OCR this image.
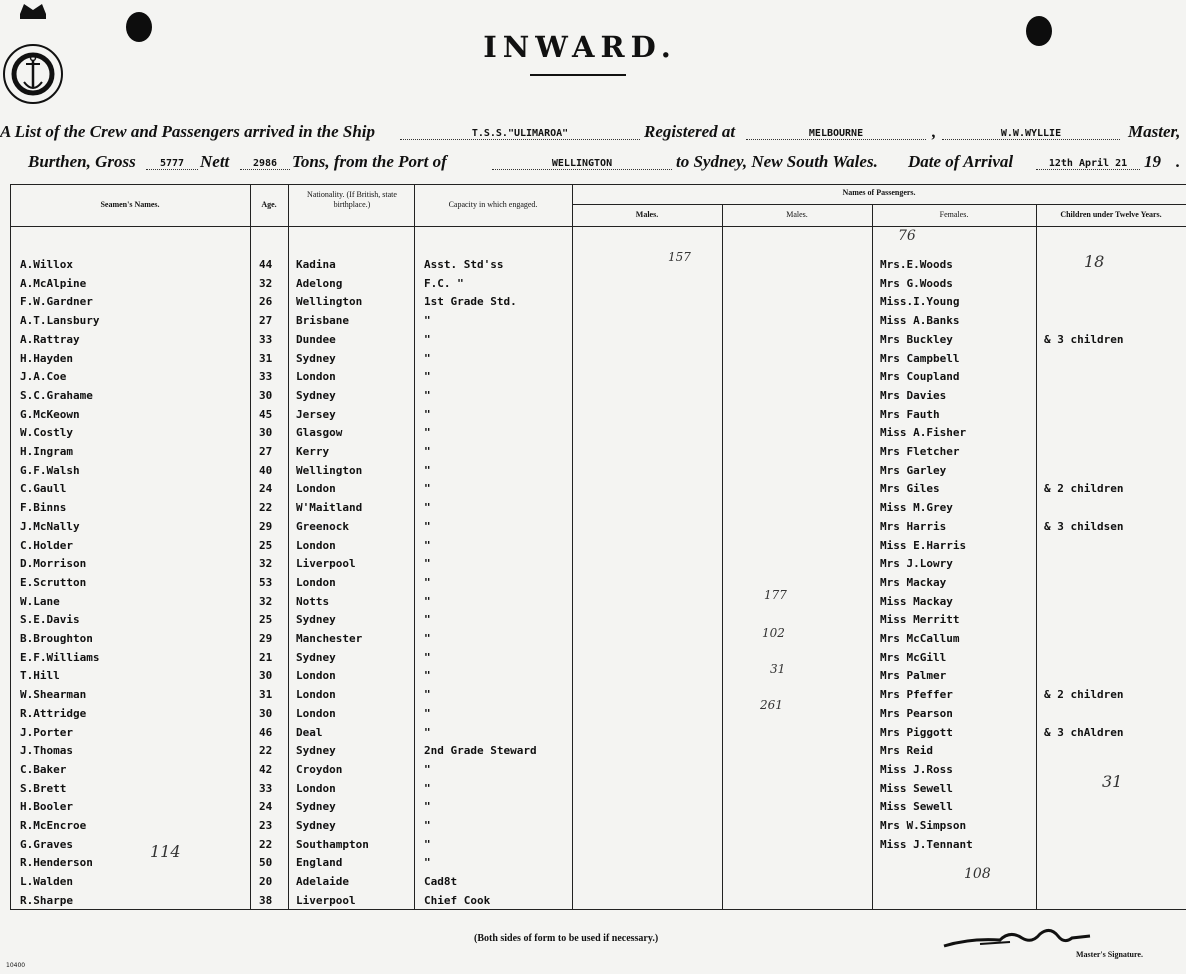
INWARD.
A List of the Crew and Passengers arrived in the Ship	T.S.S."ULIMAROA"	Registered at	MELBOURNE	,	W.W.WYLLIE	Master,
Burthen, Gross	5777 Nett	2986 Tons, from the Port of	WELLINGTON	to Sydney, New South Wales. Date of Arrival	12th April 21 19 .
Seamen's Names.	Age.
Nationality. (If British, state birthplace.)	Capacity in which engaged.
Names of Passengers.
Males.	Males.	Females.	Children under Twelve Years.
A.Willox	44 Kadina	Asst. Std'ss	Mrs.E.Woods
A.McAlpine	32 Adelong	F.C. "	Mrs G.Woods
F.W.Gardner	26 Wellington	1st Grade Std.	Miss.I.Young
A.T.Lansbury	27 Brisbane	"	Miss A.Banks
A.Rattray	33 Dundee	"	Mrs Buckley	& 3 children
H.Hayden	31 Sydney	"	Mrs Campbell
J.A.Coe	33 London	"	Mrs Coupland
S.C.Grahame	30 Sydney	"	Mrs Davies
G.McKeown	45 Jersey	"	Mrs Fauth
W.Costly	30 Glasgow	"	Miss A.Fisher
H.Ingram	27 Kerry	"	Mrs Fletcher
G.F.Walsh	40 Wellington	"	Mrs Garley
C.Gaull	24 London	"	Mrs Giles	& 2 children
F.Binns	22 W'Maitland	"	Miss M.Grey
J.McNally	29 Greenock	"	Mrs Harris	& 3 childsen
C.Holder	25 London	"	Miss E.Harris
D.Morrison	32 Liverpool	"	Mrs J.Lowry
E.Scrutton	53 London	"	Mrs Mackay
W.Lane	32 Notts	"	Miss Mackay
S.E.Davis	25 Sydney	"	Miss Merritt
B.Broughton	29 Manchester	"	Mrs McCallum
E.F.Williams	21 Sydney	"	Mrs McGill
T.Hill	30 London	"	Mrs Palmer
W.Shearman	31 London	"	Mrs Pfeffer	& 2 children
R.Attridge	30 London	"	Mrs Pearson
J.Porter	46 Deal	"	Mrs Piggott	& 3 chAldren
J.Thomas	22 Sydney	2nd Grade Steward	Mrs Reid
C.Baker	42 Croydon	"	Miss J.Ross
S.Brett	33 London	"	Miss Sewell
H.Booler	24 Sydney	"	Miss Sewell
R.McEncroe	23 Sydney	"	Mrs W.Simpson
G.Graves	22 Southampton	"	Miss J.Tennant
R.Henderson	50 England	"
L.Walden	20 Adelaide	Cad8t
R.Sharpe	38 Liverpool	Chief Cook
76
157	18
177
102
31
261
31
114
108
(Both sides of form to be used if necessary.)
Master's Signature.
10400
